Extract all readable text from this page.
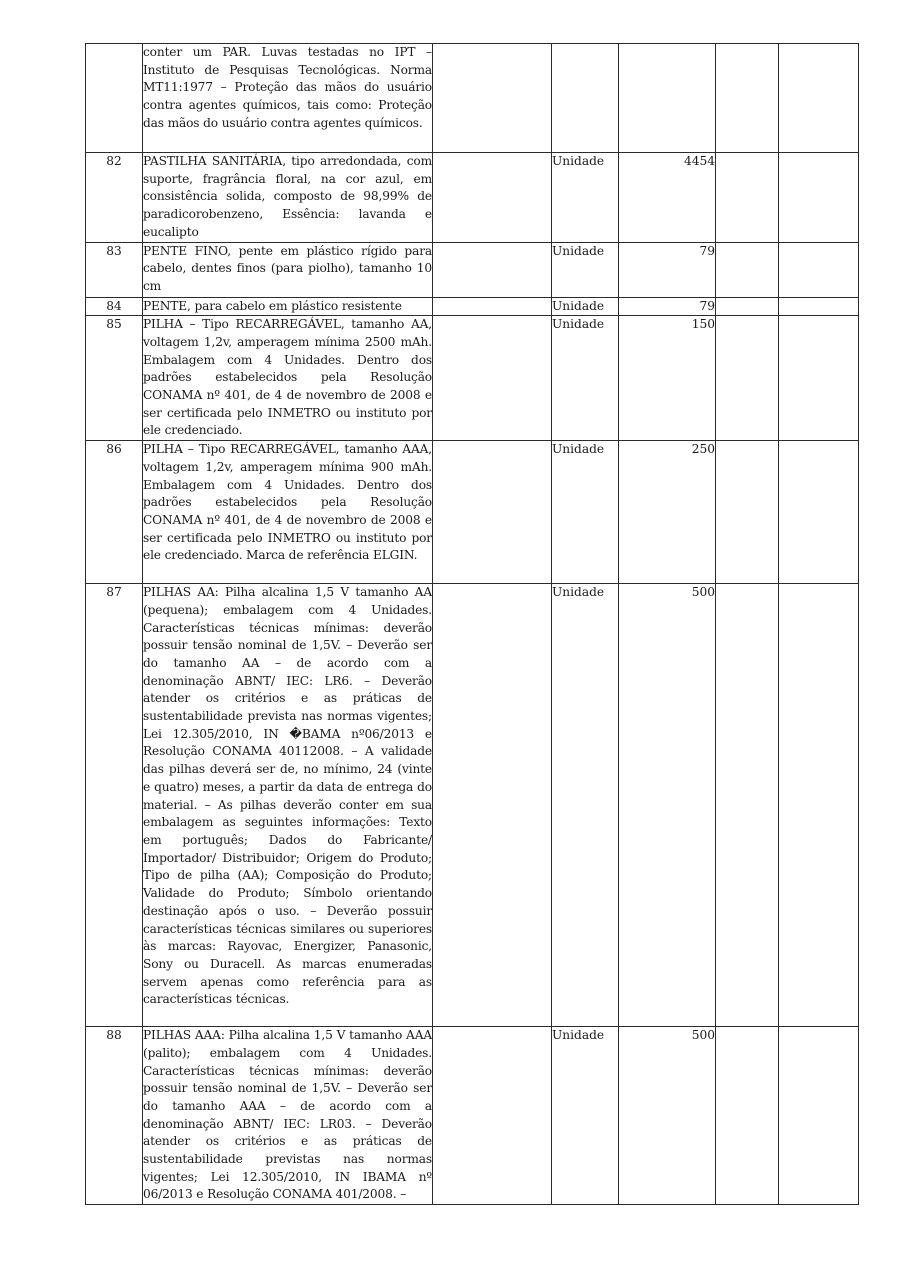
	conter um PAR. Luvas testadas no IPT – Instituto de Pesquisas Tecnológicas. Norma MT11:1977 – Proteção das mãos do usuário contra agentes químicos, tais como: Proteção das mãos do usuário contra agentes químicos.					
82	PASTILHA SANITÁRIA, tipo arredondada, com suporte, fragrância floral, na cor azul, em consistência solida, composto de 98,99% de paradicorobenzeno, Essência: lavanda e eucalipto		Unidade	4454		
83	PENTE FINO, pente em plástico rígido para cabelo, dentes finos (para piolho), tamanho 10 cm		Unidade	79		
84	PENTE, para cabelo em plástico resistente		Unidade	79		
85	PILHA – Tipo RECARREGÁVEL, tamanho AA, voltagem 1,2v, amperagem mínima 2500 mAh. Embalagem com 4 Unidades. Dentro dos padrões estabelecidos pela Resolução CONAMA nº 401, de 4 de novembro de 2008 e ser certificada pelo INMETRO ou instituto por ele credenciado.		Unidade	150		
86	PILHA – Tipo RECARREGÁVEL, tamanho AAA, voltagem 1,2v, amperagem mínima 900 mAh. Embalagem com 4 Unidades. Dentro dos padrões estabelecidos pela Resolução CONAMA nº 401, de 4 de novembro de 2008 e ser certificada pelo INMETRO ou instituto por ele credenciado. Marca de referência ELGIN.		Unidade	250		
87	PILHAS AA: Pilha alcalina 1,5 V tamanho AA (pequena); embalagem com 4 Unidades. Características técnicas mínimas: deverão possuir tensão nominal de 1,5V. – Deverão ser do tamanho AA – de acordo com a denominação ABNT/ IEC: LR6. – Deverão atender os critérios e as práticas de sustentabilidade prevista nas normas vigentes; Lei 12.305/2010, IN �BAMA nº06/2013 e Resolução CONAMA 40112008. – A validade das pilhas deverá ser de, no mínimo, 24 (vinte e quatro) meses, a partir da data de entrega do material. – As pilhas deverão conter em sua embalagem as seguintes informações: Texto em português; Dados do Fabricante/ Importador/ Distribuidor; Origem do Produto; Tipo de pilha (AA); Composição do Produto; Validade do Produto; Símbolo orientando destinação após o uso. – Deverão possuir características técnicas similares ou superiores às marcas: Rayovac, Energizer, Panasonic, Sony ou Duracell. As marcas enumeradas servem apenas como referência para as características técnicas.		Unidade	500		
88	PILHAS AAA: Pilha alcalina 1,5 V tamanho AAA (palito); embalagem com 4 Unidades. Características técnicas mínimas: deverão possuir tensão nominal de 1,5V. – Deverão ser do tamanho AAA – de acordo com a denominação ABNT/ IEC: LR03. – Deverão atender os critérios e as práticas de sustentabilidade previstas nas normas vigentes; Lei 12.305/2010, IN IBAMA nº 06/2013 e Resolução CONAMA 401/2008. –		Unidade	500		
